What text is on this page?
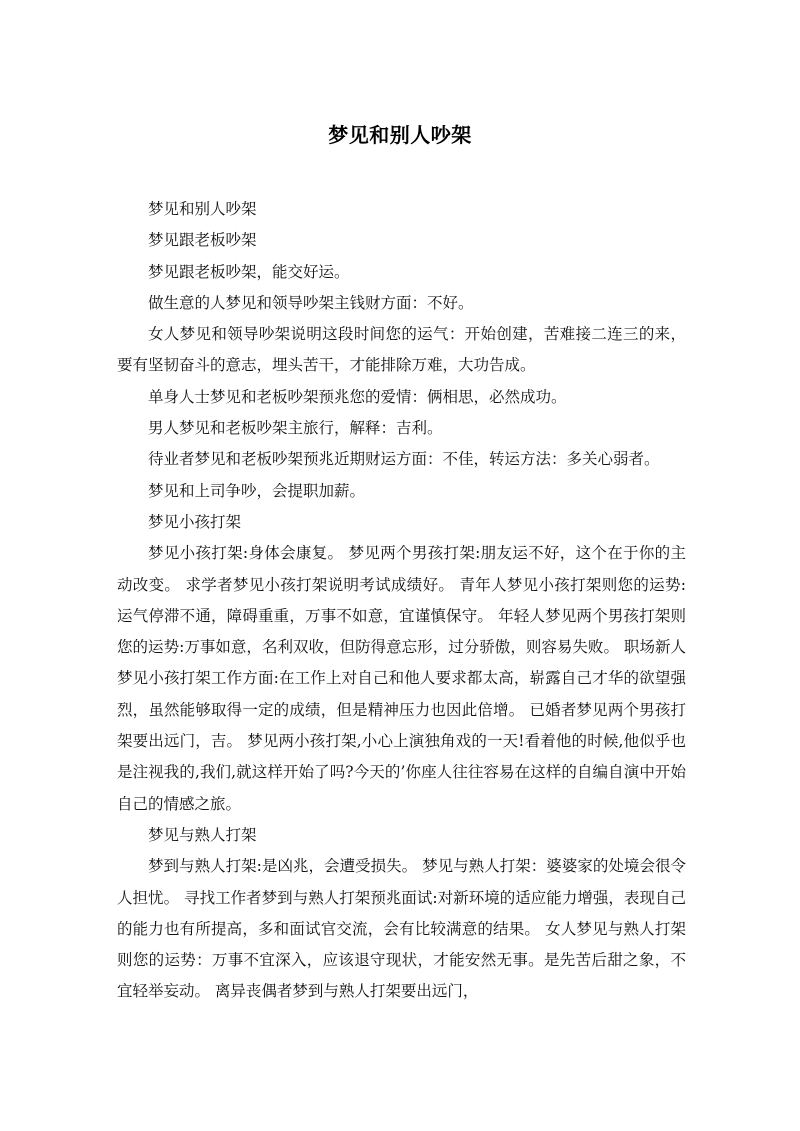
梦见和别人吵架

梦见和别人吵架

梦见跟老板吵架

梦见跟老板吵架，能交好运。

做生意的人梦见和领导吵架主钱财方面：不好。

女人梦见和领导吵架说明这段时间您的运气：开始创建，苦难接二连三的来，要有坚韧奋斗的意志，埋头苦干，才能排除万难，大功告成。

单身人士梦见和老板吵架预兆您的爱情：俩相思，必然成功。

男人梦见和老板吵架主旅行，解释：吉利。

待业者梦见和老板吵架预兆近期财运方面：不佳，转运方法：多关心弱者。

梦见和上司争吵，会提职加薪。

梦见小孩打架

梦见小孩打架:身体会康复。 梦见两个男孩打架:朋友运不好，这个在于你的主动改变。 求学者梦见小孩打架说明考试成绩好。 青年人梦见小孩打架则您的运势:运气停滞不通，障碍重重，万事不如意，宜谨慎保守。 年轻人梦见两个男孩打架则您的运势:万事如意，名利双收，但防得意忘形，过分骄傲，则容易失败。 职场新人梦见小孩打架工作方面:在工作上对自己和他人要求都太高，崭露自己才华的欲望强烈，虽然能够取得一定的成绩，但是精神压力也因此倍增。 已婚者梦见两个男孩打架要出远门，吉。 梦见两小孩打架,小心上演独角戏的一天!看着他的时候,他似乎也是注视我的,我们,就这样开始了吗?今天的’你座人往往容易在这样的自编自演中开始自己的情感之旅。

梦见与熟人打架

梦到与熟人打架:是凶兆，会遭受损失。 梦见与熟人打架：婆婆家的处境会很令人担忧。 寻找工作者梦到与熟人打架预兆面试:对新环境的适应能力增强，表现自己的能力也有所提高，多和面试官交流，会有比较满意的结果。 女人梦见与熟人打架则您的运势：万事不宜深入，应该退守现状，才能安然无事。是先苦后甜之象，不宜轻举妄动。 离异丧偶者梦到与熟人打架要出远门，
